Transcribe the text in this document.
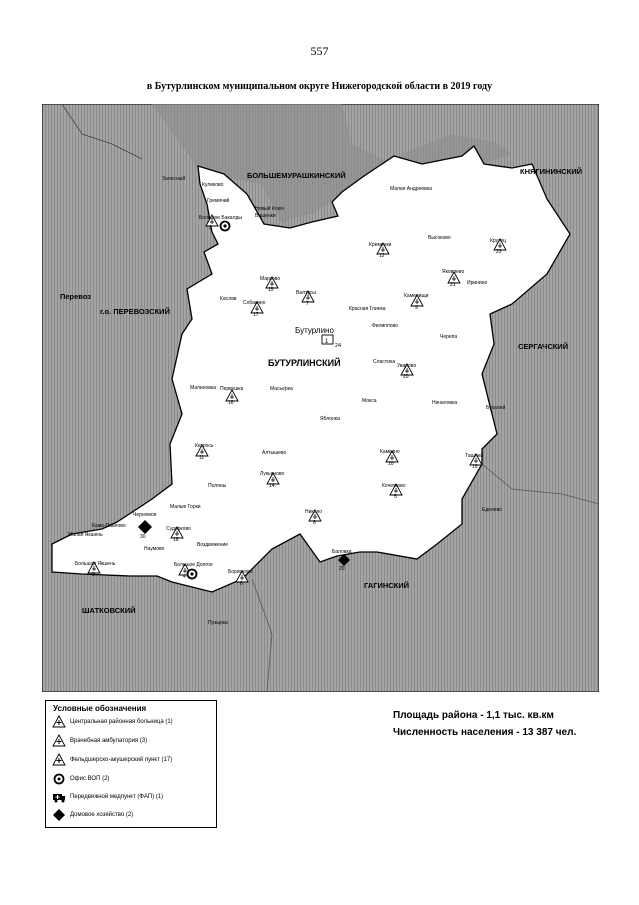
557
в Бутурлинском муниципальном округе Нижегородской области в 2019 году
БОЛЬШЕМУРАШКИНСКИЙ	КНЯГИНИНСКИЙ
Перевоз
г.о. ПЕРЕВОЗСКИЙ
СЕРГАЧСКИЙ
БУТУРЛИНСКИЙ
ГАГИНСКИЙ
ШАТКОВСКИЙ
Бутурлино
1
24
3
12
23
21
15
7
17
9
20
16
11
10	19
14
5
8
18
2	4
6
30
20
Залесный
Куликово
Гремячий
Большое Бакалды
Новый Ключ
Вишенки
Малая Андреевка
Кременки
Высоково	Крутец
Яковлево
Иринино
Марково
Валтусы
Каслав
Собакино
Красная Глинка
Каменищи
Филиппово
Черепа
Сластиха
Уварово
Малиновка Первушка	Масьерка
Мокса	Началовка
Букалей
Яблонка
Кетрось
Алтышево	Камкино
Ташлей
Лукьяново
Поляны	Кочетково
Малые Горки
Николо	Еделево
Черномоя
Камо-Павлово	Сударково
Малая Якшень
Наумово
Воздвижение
Большая Якшень	Большое Долгое
Борисково
Баловка
Пузырка
Условные обозначения
Центральная районная больница (1)
Врачебная амбулатория (3)
Фельдшерско-акушерский пункт (17)
Офис ВОП (2)
Передвижной медпункт (ФАП) (1)
Домовое хозяйство (2)
Площадь района - 1,1 тыс. кв.км
Численность населения - 13 387 чел.
